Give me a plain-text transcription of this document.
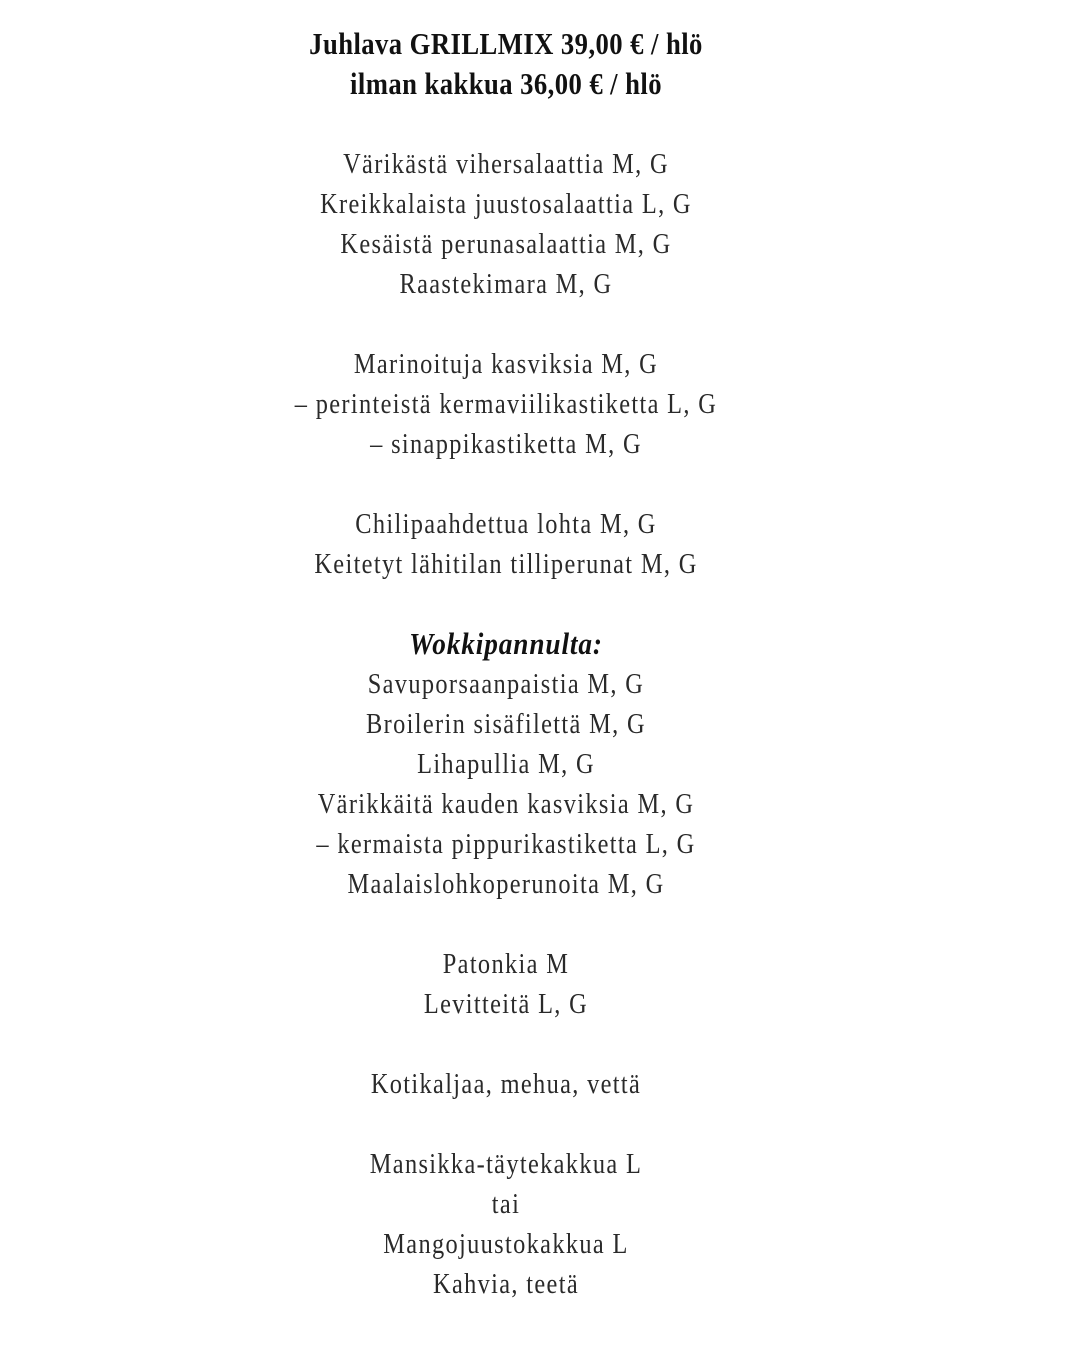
Juhlava GRILLMIX 39,00 € / hlö
ilman kakkua 36,00 € / hlö
Värikästä vihersalaattia M, G
Kreikkalaista juustosalaattia L, G
Kesäistä perunasalaattia M, G
Raastekimara M, G
Marinoituja kasviksia M, G
– perinteistä kermaviilikastiketta L, G
– sinappikastiketta M, G
Chilipaahdettua lohta M, G
Keitetyt lähitilan tilliperunat M, G
Wokkipannulta:
Savuporsaanpaistia M, G
Broilerin sisäfilettä M, G
Lihapullia M, G
Värikkäitä kauden kasviksia M, G
– kermaista pippurikastiketta L, G
Maalaislohkoperunoita M, G
Patonkia M
Levitteitä L, G
Kotikaljaa, mehua, vettä
Mansikka-täytekakkua L
tai
Mangojuustokakkua L
Kahvia, teetä
